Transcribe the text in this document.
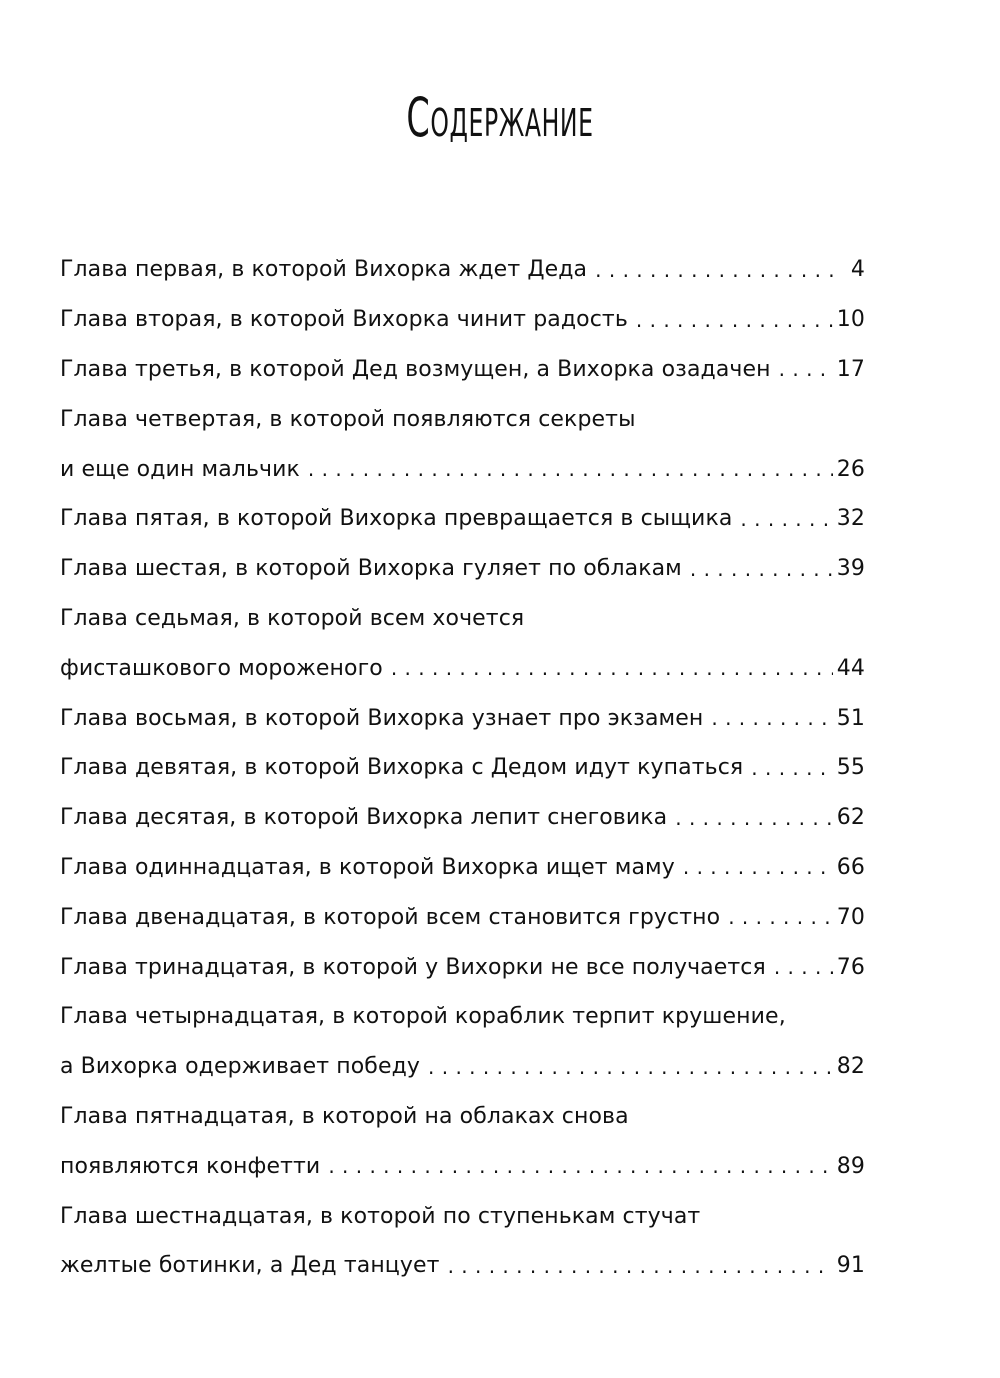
Содержание
Глава первая, в которой Вихорка ждет Деда . . .	4
Глава вторая, в которой Вихорка чинит радость . . .	10
Глава третья, в которой Дед возмущен, а Вихорка озадачен . . .	17
Глава четвертая, в которой появляются секреты
и еще один мальчик . . .	26
Глава пятая, в которой Вихорка превращается в сыщика . . .	32
Глава шестая, в которой Вихорка гуляет по облакам . . .	39
Глава седьмая, в которой всем хочется
фисташкового мороженого . . .	44
Глава восьмая, в которой Вихорка узнает про экзамен . . .	51
Глава девятая, в которой Вихорка с Дедом идут купаться . . .	55
Глава десятая, в которой Вихорка лепит снеговика . . .	62
Глава одиннадцатая, в которой Вихорка ищет маму . . .	66
Глава двенадцатая, в которой всем становится грустно . . .	70
Глава тринадцатая, в которой у Вихорки не все получается . . .	76
Глава четырнадцатая, в которой кораблик терпит крушение,
а Вихорка одерживает победу . . .	82
Глава пятнадцатая, в которой на облаках снова
появляются конфетти . . .	89
Глава шестнадцатая, в которой по ступенькам стучат
желтые ботинки, а Дед танцует . . .	91
